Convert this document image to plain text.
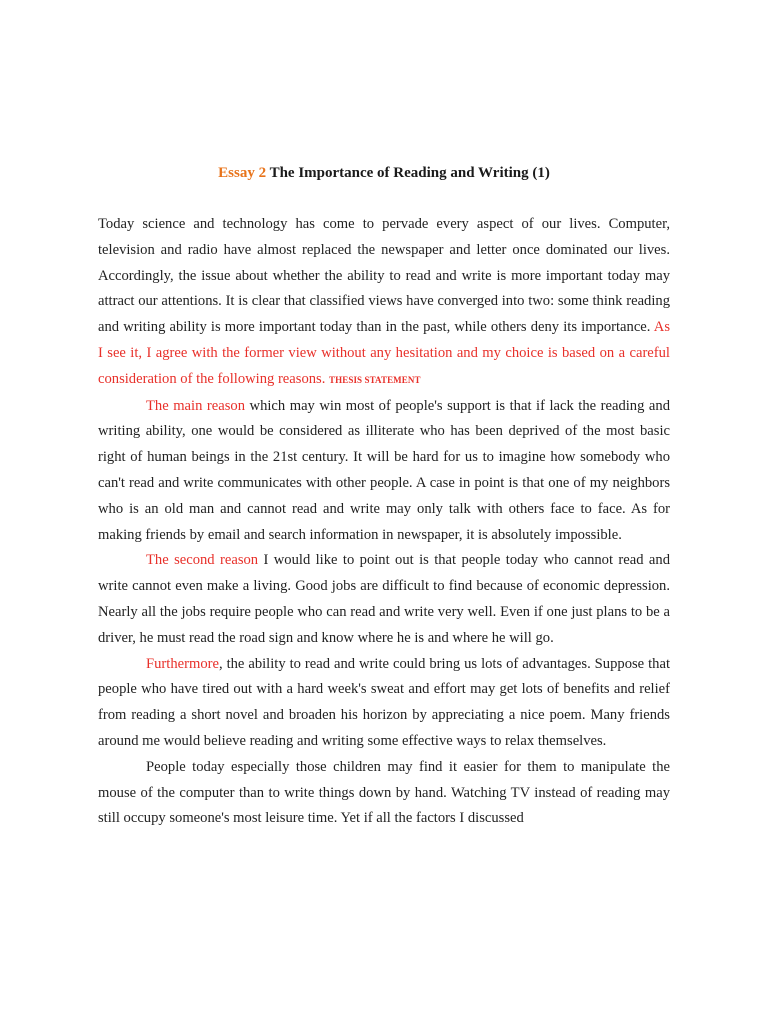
Essay 2 The Importance of Reading and Writing (1)

Today science and technology has come to pervade every aspect of our lives. Computer, television and radio have almost replaced the newspaper and letter once dominated our lives. Accordingly, the issue about whether the ability to read and write is more important today may attract our attentions. It is clear that classified views have converged into two: some think reading and writing ability is more important today than in the past, while others deny its importance. As I see it, I agree with the former view without any hesitation and my choice is based on a careful consideration of the following reasons. THESIS STATEMENT

The main reason which may win most of people's support is that if lack the reading and writing ability, one would be considered as illiterate who has been deprived of the most basic right of human beings in the 21st century. It will be hard for us to imagine how somebody who can't read and write communicates with other people. A case in point is that one of my neighbors who is an old man and cannot read and write may only talk with others face to face. As for making friends by email and search information in newspaper, it is absolutely impossible.

The second reason I would like to point out is that people today who cannot read and write cannot even make a living. Good jobs are difficult to find because of economic depression. Nearly all the jobs require people who can read and write very well. Even if one just plans to be a driver, he must read the road sign and know where he is and where he will go.

Furthermore, the ability to read and write could bring us lots of advantages. Suppose that people who have tired out with a hard week's sweat and effort may get lots of benefits and relief from reading a short novel and broaden his horizon by appreciating a nice poem. Many friends around me would believe reading and writing some effective ways to relax themselves.

People today especially those children may find it easier for them to manipulate the mouse of the computer than to write things down by hand. Watching TV instead of reading may still occupy someone's most leisure time. Yet if all the factors I discussed
